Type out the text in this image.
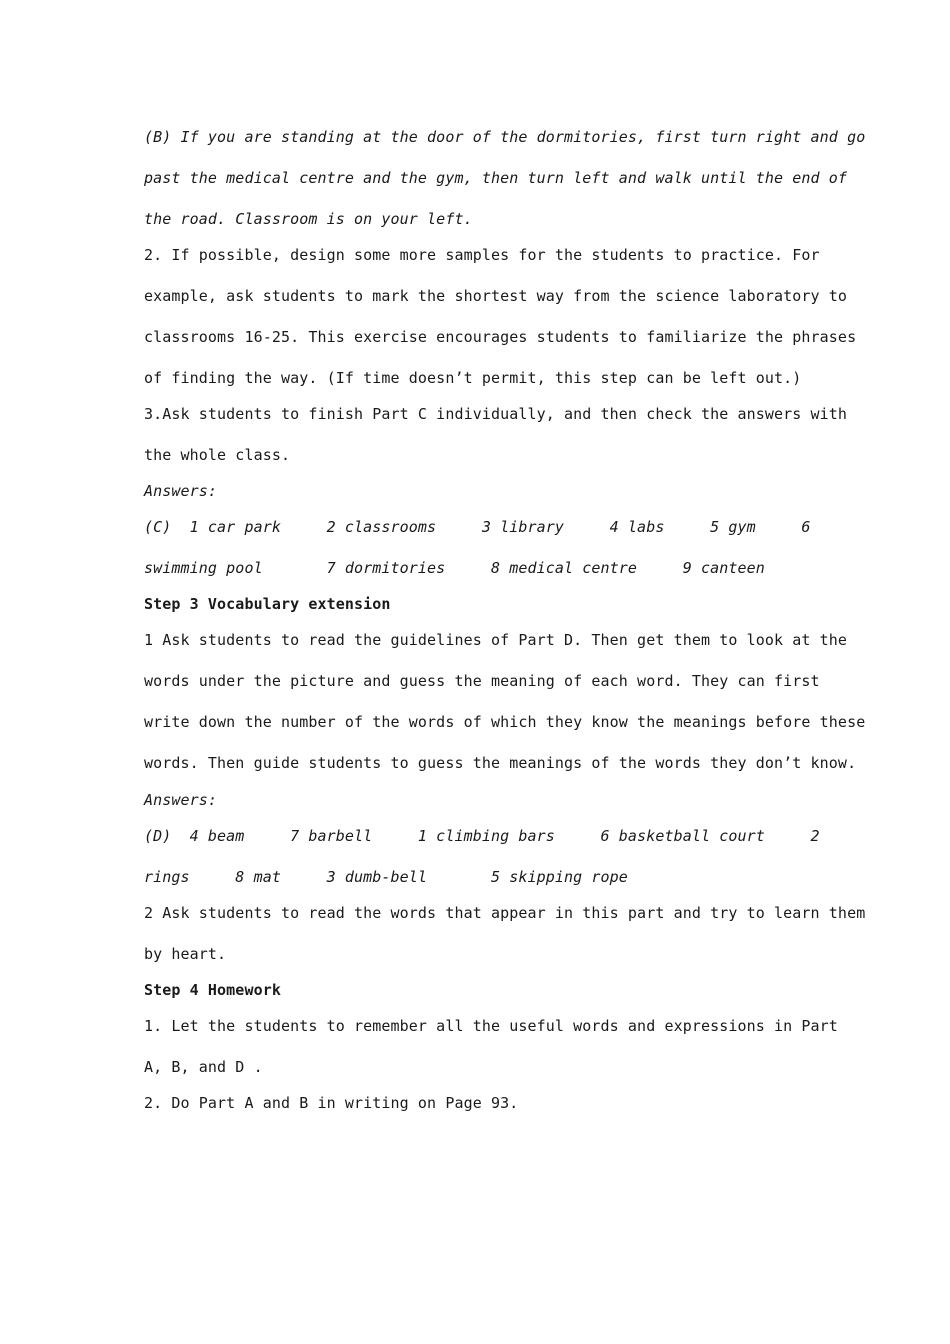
(B) If you are standing at the door of the dormitories, first turn right and go
past the medical centre and the gym, then turn left and walk until the end of
the road. Classroom is on your left.
2. If possible, design some more samples for the students to practice. For
example, ask students to mark the shortest way from the science laboratory to
classrooms 16-25. This exercise encourages students to familiarize the phrases
of finding the way. (If time doesn’t permit, this step can be left out.)
3.Ask students to finish Part C individually, and then check the answers with
the whole class.
Answers:
(C)  1 car park     2 classrooms     3 library     4 labs     5 gym     6
swimming pool       7 dormitories     8 medical centre     9 canteen
Step 3 Vocabulary extension
1 Ask students to read the guidelines of Part D. Then get them to look at the
words under the picture and guess the meaning of each word. They can first
write down the number of the words of which they know the meanings before these
words. Then guide students to guess the meanings of the words they don’t know.
Answers:
(D)  4 beam     7 barbell     1 climbing bars     6 basketball court     2
rings     8 mat     3 dumb-bell       5 skipping rope
2 Ask students to read the words that appear in this part and try to learn them
by heart.
Step 4 Homework
1. Let the students to remember all the useful words and expressions in Part
A, B, and D .
2. Do Part A and B in writing on Page 93.
